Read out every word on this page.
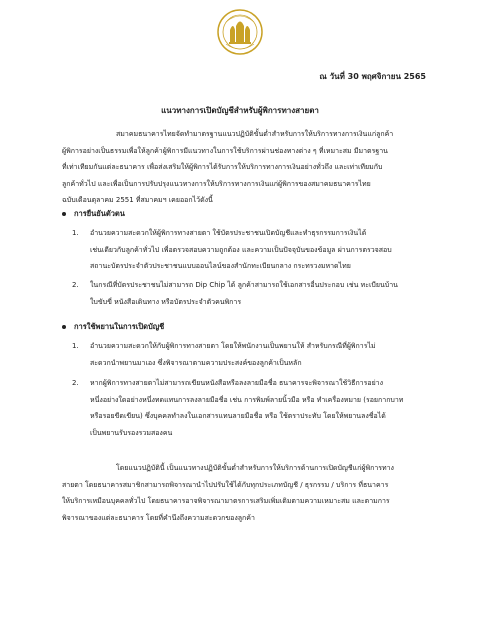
ณ วันที่ 30 พฤศจิกายน 2565
แนวทางการเปิดบัญชีสำหรับผู้พิการทางสายตา
สมาคมธนาคารไทยจัดทำมาตรฐานแนวปฏิบัติขั้นต่ำสำหรับการให้บริการทางการเงินแก่ลูกค้า
ผู้พิการอย่างเป็นธรรมเพื่อให้ลูกค้าผู้พิการมีแนวทางในการใช้บริการผ่านช่องทางต่าง ๆ ที่เหมาะสม มีมาตรฐาน
ที่เท่าเทียมกันแต่ละธนาคาร เพื่อส่งเสริมให้ผู้พิการได้รับการให้บริการทางการเงินอย่างทั่วถึง และเท่าเทียมกับ
ลูกค้าทั่วไป และเพื่อเป็นการปรับปรุงแนวทางการให้บริการทางการเงินแก่ผู้พิการของสมาคมธนาคารไทย
ฉบับเดือนตุลาคม 2551 ที่สมาคมฯ เคยออกไว้ดังนี้
การยืนยันตัวตน
1. อำนวยความสะดวกให้ผู้พิการทางสายตา ใช้บัตรประชาชนเปิดบัญชีและทำธุรกรรมการเงินได้
เช่นเดียวกับลูกค้าทั่วไป เพื่อตรวจสอบความถูกต้อง และความเป็นปัจจุบันของข้อมูล ผ่านการตรวจสอบ
สถานะบัตรประจำตัวประชาชนแบบออนไลน์ของสำนักทะเบียนกลาง กระทรวงมหาดไทย
2. ในกรณีที่บัตรประชาชนไม่สามารถ Dip Chip ได้ ลูกค้าสามารถใช้เอกสารอื่นประกอบ เช่น ทะเบียนบ้าน
ใบขับขี่ หนังสือเดินทาง หรือบัตรประจำตัวคนพิการ
การใช้พยานในการเปิดบัญชี
1. อำนวยความสะดวกให้กับผู้พิการทางสายตา โดยให้พนักงานเป็นพยานให้ สำหรับกรณีที่ผู้พิการไม่
สะดวกนำพยานมาเอง ซึ่งพิจารณาตามความประสงค์ของลูกค้าเป็นหลัก
2. หากผู้พิการทางสายตาไม่สามารถเขียนหนังสือหรือลงลายมือชื่อ ธนาคารจะพิจารณาใช้วิธีการอย่าง
หนึ่งอย่างใดอย่างหนึ่งทดแทนการลงลายมือชื่อ เช่น การพิมพ์ลายนิ้วมือ หรือ ทำเครื่องหมาย (รอยกากบาท
หรือรอยขีดเขียน) ซึ่งบุคคลทำลงในเอกสารแทนลายมือชื่อ หรือ ใช้ตราประทับ โดยให้พยานลงชื่อได้
เป็นพยานรับรองรวมสองคน
โดยแนวปฏิบัตินี้ เป็นแนวทางปฏิบัติขั้นต่ำสำหรับการให้บริการด้านการเปิดบัญชีแก่ผู้พิการทาง
สายตา โดยธนาคารสมาชิกสามารถพิจารณานำไปปรับใช้ได้กับทุกประเภทบัญชี / ธุรกรรม / บริการ ที่ธนาคาร
ให้บริการเหมือนบุคคลทั่วไป โดยธนาคารอาจพิจารณามาตรการเสริมเพิ่มเติมตามความเหมาะสม และตามการ
พิจารณาของแต่ละธนาคาร โดยที่คำนึงถึงความสะดวกของลูกค้า
